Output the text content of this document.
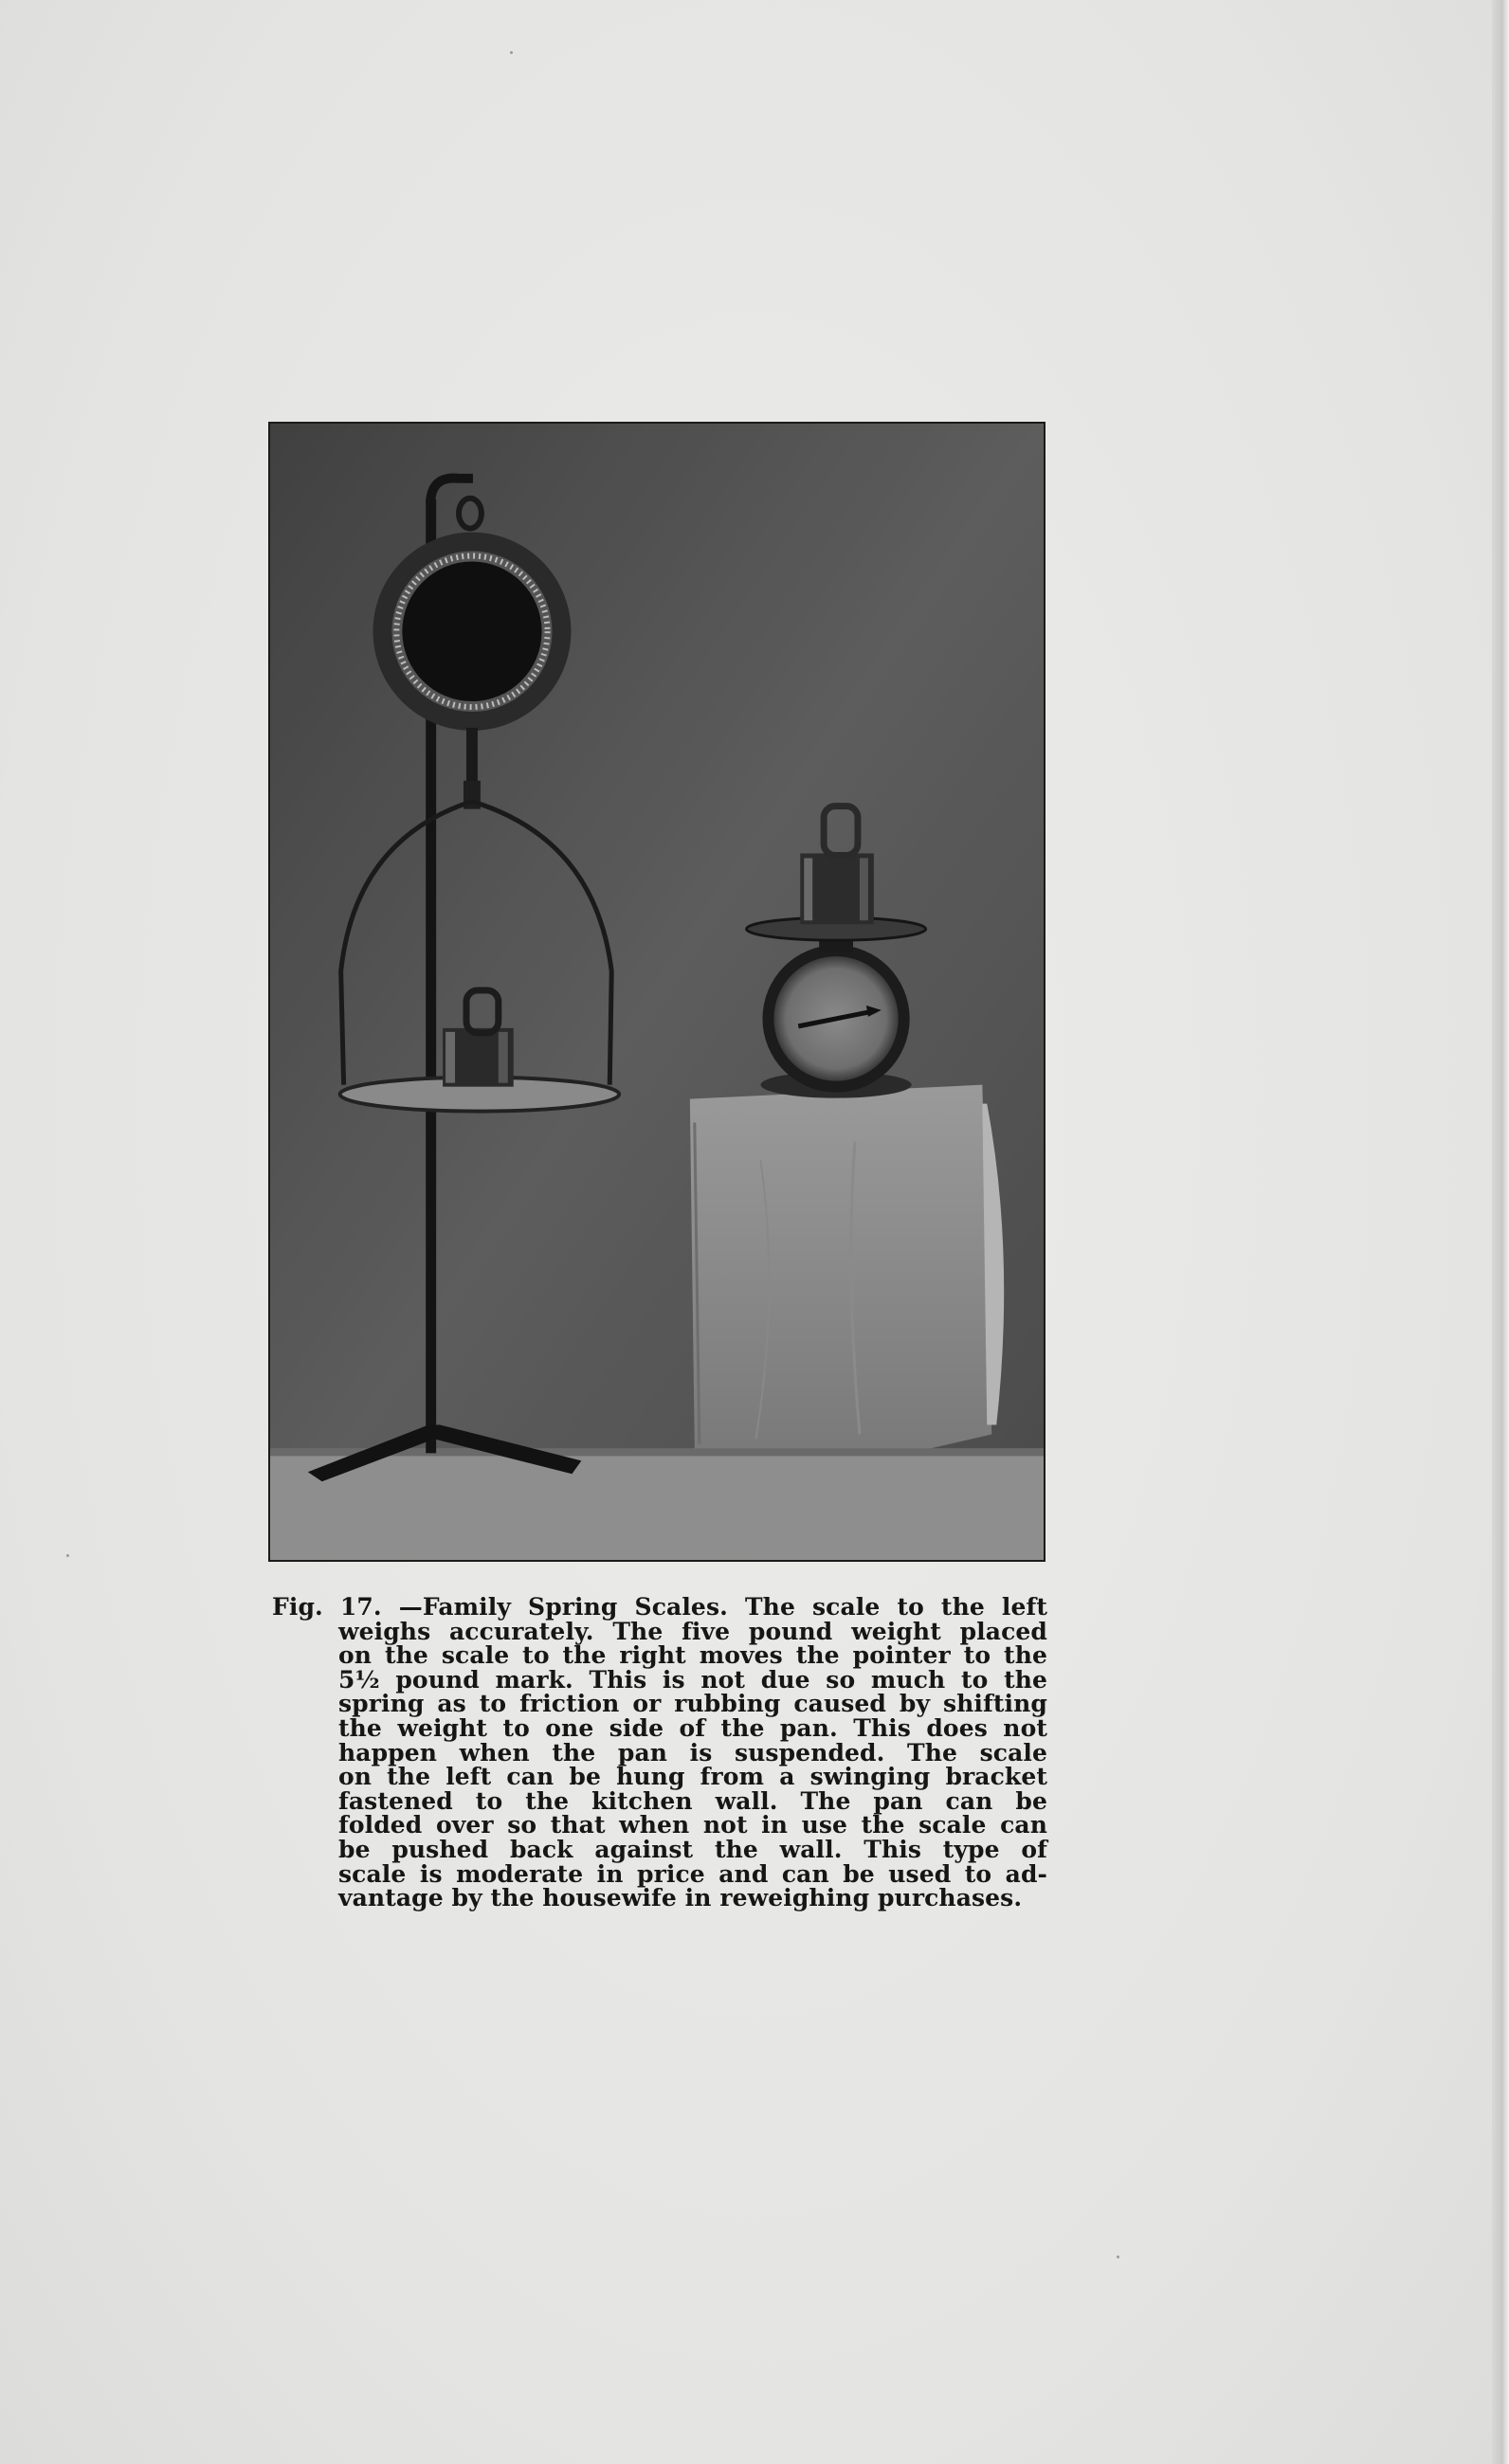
Fig. 17. —Family Spring Scales. The scale to the left
weighs accurately. The five pound weight placed
on the scale to the right moves the pointer to the
5½ pound mark. This is not due so much to the
spring as to friction or rubbing caused by shifting
the weight to one side of the pan. This does not
happen when the pan is suspended. The scale
on the left can be hung from a swinging bracket
fastened to the kitchen wall. The pan can be
folded over so that when not in use the scale can
be pushed back against the wall. This type of
scale is moderate in price and can be used to ad-
vantage by the housewife in reweighing purchases.
